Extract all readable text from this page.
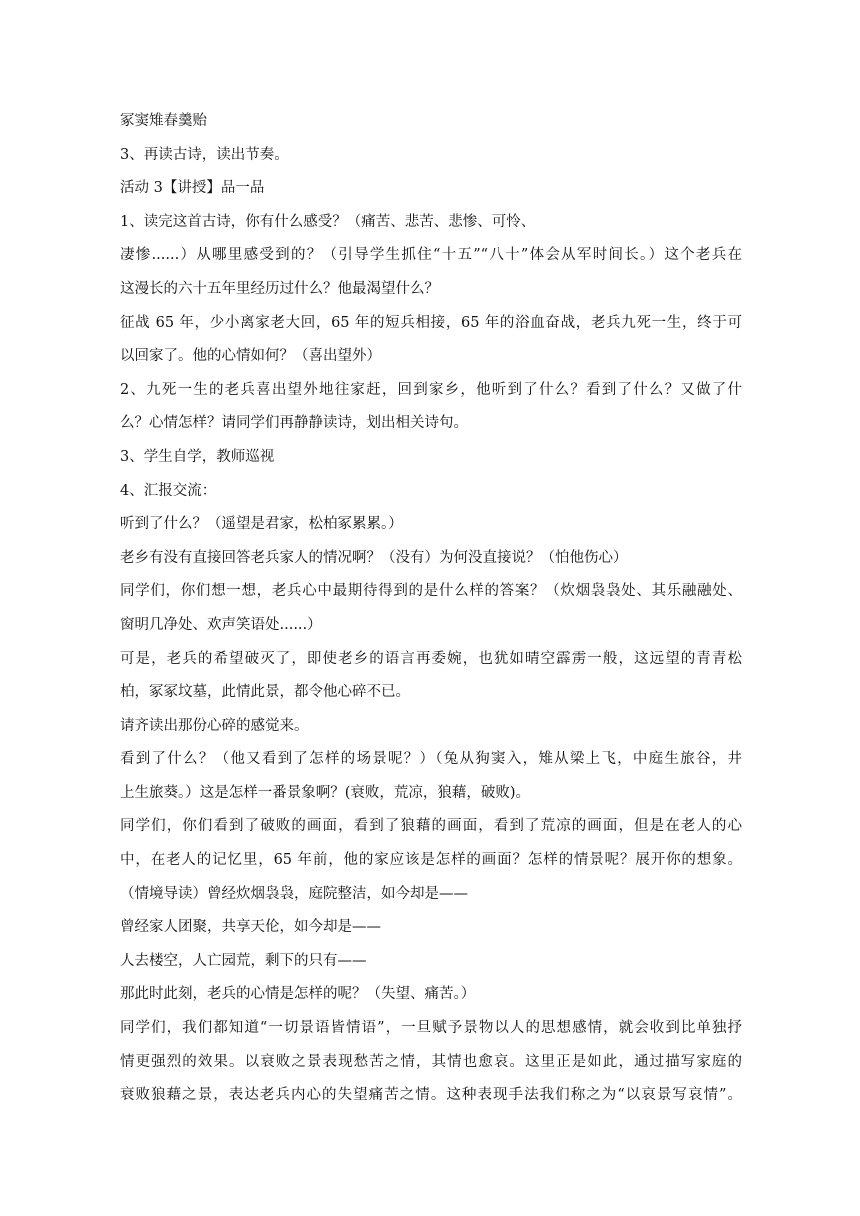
冢窦雉春羹贻
3、再读古诗，读出节奏。
活动 3【讲授】品一品
1、读完这首古诗，你有什么感受？（痛苦、悲苦、悲惨、可怜、
凄惨......）从哪里感受到的？（引导学生抓住“十五”“八十”体会从军时间长。）这个老兵在
这漫长的六十五年里经历过什么？他最渴望什么？
征战 65 年，少小离家老大回，65 年的短兵相接，65 年的浴血奋战，老兵九死一生，终于可
以回家了。他的心情如何？（喜出望外）
2、九死一生的老兵喜出望外地往家赶，回到家乡，他听到了什么？看到了什么？又做了什
么？心情怎样？请同学们再静静读诗，划出相关诗句。
3、学生自学，教师巡视
4、汇报交流：
听到了什么？（遥望是君家，松柏冢累累。）
老乡有没有直接回答老兵家人的情况啊？（没有）为何没直接说？（怕他伤心）
同学们，你们想一想，老兵心中最期待得到的是什么样的答案？（炊烟袅袅处、其乐融融处、
窗明几净处、欢声笑语处......）
可是，老兵的希望破灭了，即使老乡的语言再委婉，也犹如晴空霹雳一般，这远望的青青松
柏，冢冢坟墓，此情此景，都令他心碎不已。
请齐读出那份心碎的感觉来。
看到了什么？（他又看到了怎样的场景呢？）（兔从狗窦入，雉从梁上飞，中庭生旅谷，井
上生旅葵。）这是怎样一番景象啊？(衰败，荒凉，狼藉，破败)。
同学们，你们看到了破败的画面，看到了狼藉的画面，看到了荒凉的画面，但是在老人的心
中，在老人的记忆里，65 年前，他的家应该是怎样的画面？怎样的情景呢？展开你的想象。
（情境导读）曾经炊烟袅袅，庭院整洁，如今却是——
曾经家人团聚，共享天伦，如今却是——
人去楼空，人亡园荒，剩下的只有——
那此时此刻，老兵的心情是怎样的呢？（失望、痛苦。）
同学们，我们都知道“一切景语皆情语”，一旦赋予景物以人的思想感情，就会收到比单独抒
情更强烈的效果。以衰败之景表现愁苦之情，其情也愈哀。这里正是如此，通过描写家庭的
衰败狼藉之景，表达老兵内心的失望痛苦之情。这种表现手法我们称之为“以哀景写哀情”。
